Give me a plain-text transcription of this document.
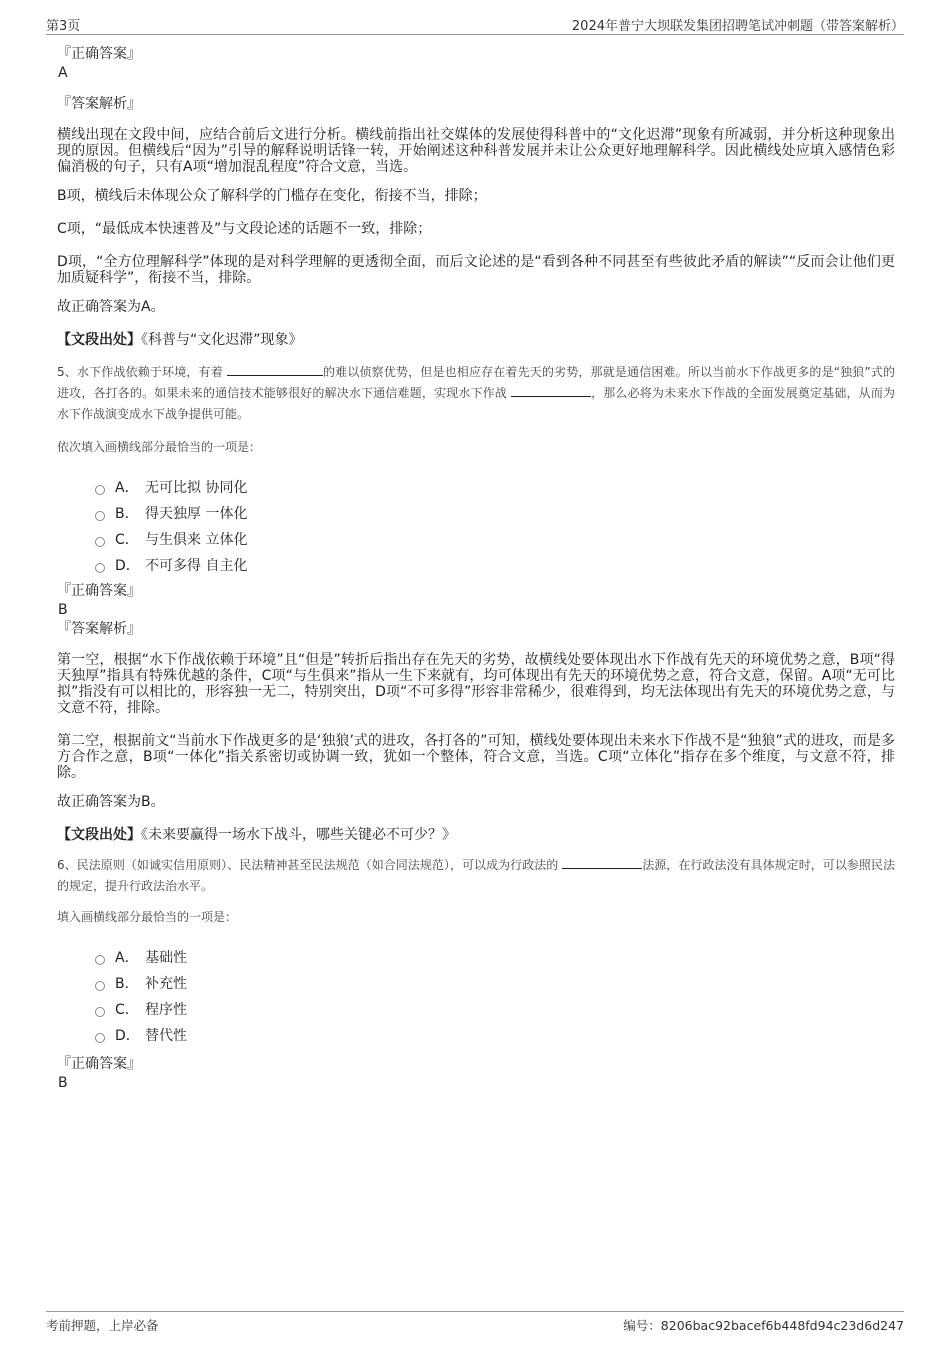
第3页	2024年普宁大坝联发集团招聘笔试冲刺题（带答案解析）
『正确答案』
A
『答案解析』

横线出现在文段中间，应结合前后文进行分析。横线前指出社交媒体的发展使得科普中的“文化迟滞”现象有所减弱，并分析这种现象出现的原因。但横线后“因为”引导的解释说明话锋一转，开始阐述这种科普发展并未让公众更好地理解科学。因此横线处应填入感情色彩偏消极的句子，只有A项“增加混乱程度”符合文意，当选。

B项，横线后未体现公众了解科学的门槛存在变化，衔接不当，排除；

C项，“最低成本快速普及”与文段论述的话题不一致，排除；

D项，“全方位理解科学”体现的是对科学理解的更透彻全面，而后文论述的是“看到各种不同甚至有些彼此矛盾的解读”“反而会让他们更加质疑科学”，衔接不当，排除。

故正确答案为A。

【文段出处】《科普与“文化迟滞”现象》

5、水下作战依赖于环境，有着	的难以侦察优势，但是也相应存在着先天的劣势，那就是通信困难。所以当前水下作战更多的是“独狼”式的进攻，各打各的。如果未来的通信技术能够很好的解决水下通信难题，实现水下作战	，那么必将为未来水下作战的全面发展奠定基础，从而为水下作战演变成水下战争提供可能。

依次填入画横线部分最恰当的一项是：

A． 无可比拟 协同化
B． 得天独厚 一体化
C． 与生俱来 立体化
D． 不可多得 自主化
『正确答案』
B
『答案解析』

第一空，根据“水下作战依赖于环境”且“但是”转折后指出存在先天的劣势，故横线处要体现出水下作战有先天的环境优势之意，B项“得天独厚”指具有特殊优越的条件，C项“与生俱来”指从一生下来就有，均可体现出有先天的环境优势之意，符合文意，保留。A项“无可比拟”指没有可以相比的，形容独一无二，特别突出，D项“不可多得”形容非常稀少，很难得到，均无法体现出有先天的环境优势之意，与文意不符，排除。

第二空，根据前文“当前水下作战更多的是‘独狼’式的进攻，各打各的”可知，横线处要体现出未来水下作战不是“独狼”式的进攻，而是多方合作之意，B项“一体化”指关系密切或协调一致，犹如一个整体，符合文意，当选。C项“立体化”指存在多个维度，与文意不符，排除。

故正确答案为B。

【文段出处】《未来要赢得一场水下战斗，哪些关键必不可少？》

6、民法原则（如诚实信用原则）、民法精神甚至民法规范（如合同法规范），可以成为行政法的	法源，在行政法没有具体规定时，可以参照民法的规定，提升行政法治水平。

填入画横线部分最恰当的一项是：

A． 基础性
B． 补充性
C． 程序性
D． 替代性
『正确答案』
B
考前押题，上岸必备	编号：8206bac92bacef6b448fd94c23d6d247
